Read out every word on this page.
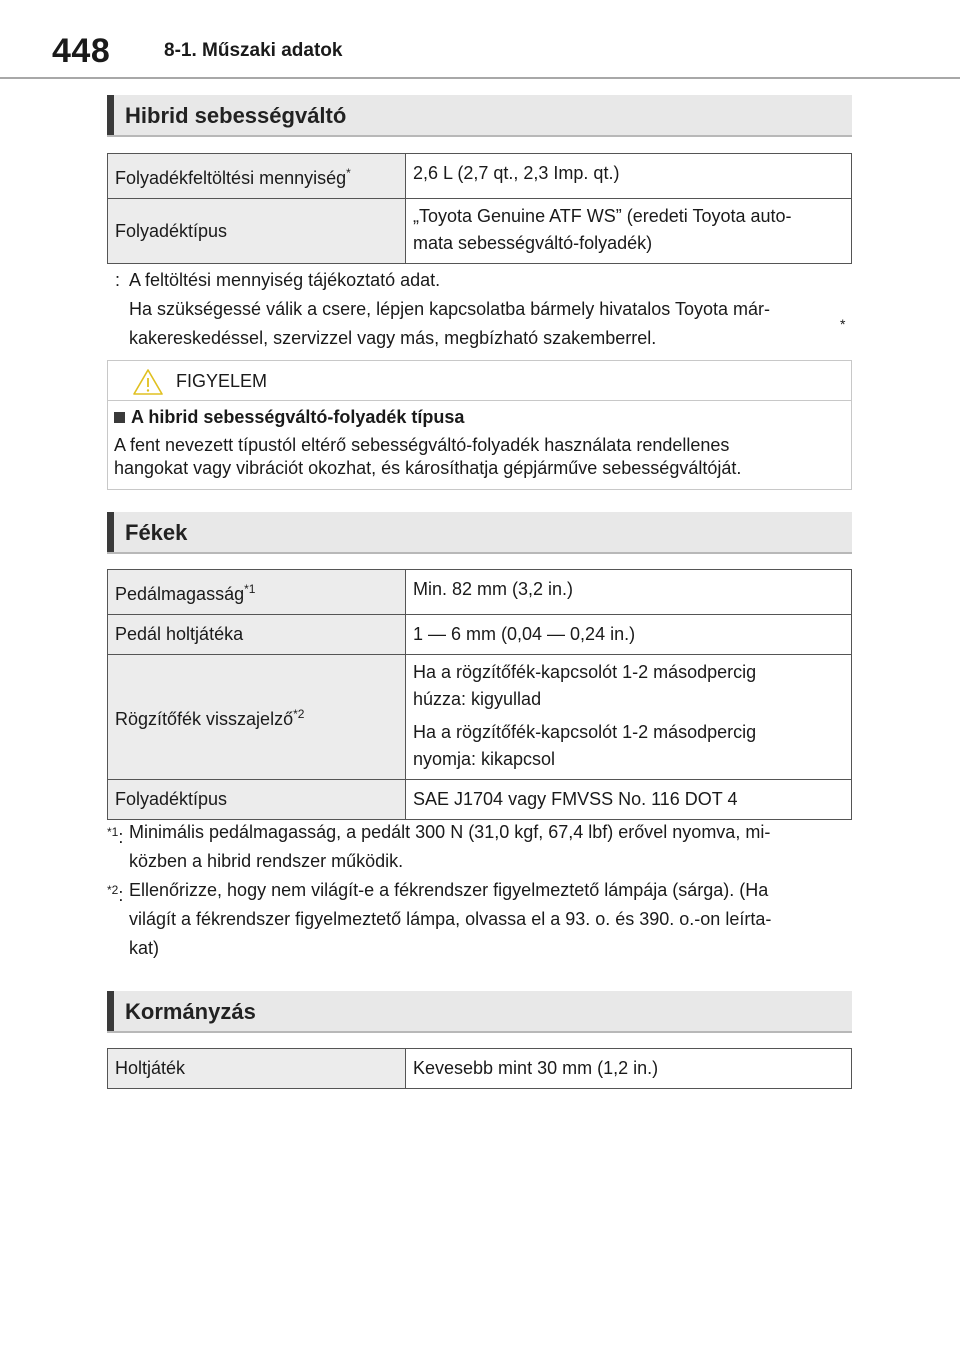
448	8-1. Műszaki adatok
Hibrid sebességváltó
Folyadékfeltöltési mennyiség*	2,6 L (2,7 qt., 2,3 Imp. qt.)
Folyadéktípus	„Toyota Genuine ATF WS” (eredeti Toyota auto-
mata sebességváltó-folyadék)
: A feltöltési mennyiség tájékoztató adat.
Ha szükségessé válik a csere, lépjen kapcsolatba bármely hivatalos Toyota már-
kakereskedéssel, szervizzel vagy más, megbízható szakemberrel.
*
FIGYELEM
A hibrid sebességváltó-folyadék típusa
A fent nevezett típustól eltérő sebességváltó-folyadék használata rendellenes
hangokat vagy vibrációt okozhat, és károsíthatja gépjárműve sebességváltóját.
Fékek
Pedálmagasság$^{*1}$	Min. 82 mm (3,2 in.)
Pedál holtjátéka	1 — 6 mm (0,04 — 0,24 in.)
Rögzítőfék visszajelző$^{*2}$	Ha a rögzítőfék-kapcsolót 1-2 másodpercig
húzza: kigyullad
Ha a rögzítőfék-kapcsolót 1-2 másodpercig
nyomja: kikapcsol

Folyadéktípus	SAE J1704 vagy FMVSS No. 116 DOT 4
$^{*1}$: Minimális pedálmagasság, a pedált 300 N (31,0 kgf, 67,4 lbf) erővel nyomva, mi-
közben a hibrid rendszer működik.
$^{*2}$: Ellenőrizze, hogy nem világít-e a fékrendszer figyelmeztető lámpája (sárga). (Ha
világít a fékrendszer figyelmeztető lámpa, olvassa el a 93. o. és 390. o.-on leírta-
kat)
Kormányzás
Holtjáték	Kevesebb mint 30 mm (1,2 in.)
